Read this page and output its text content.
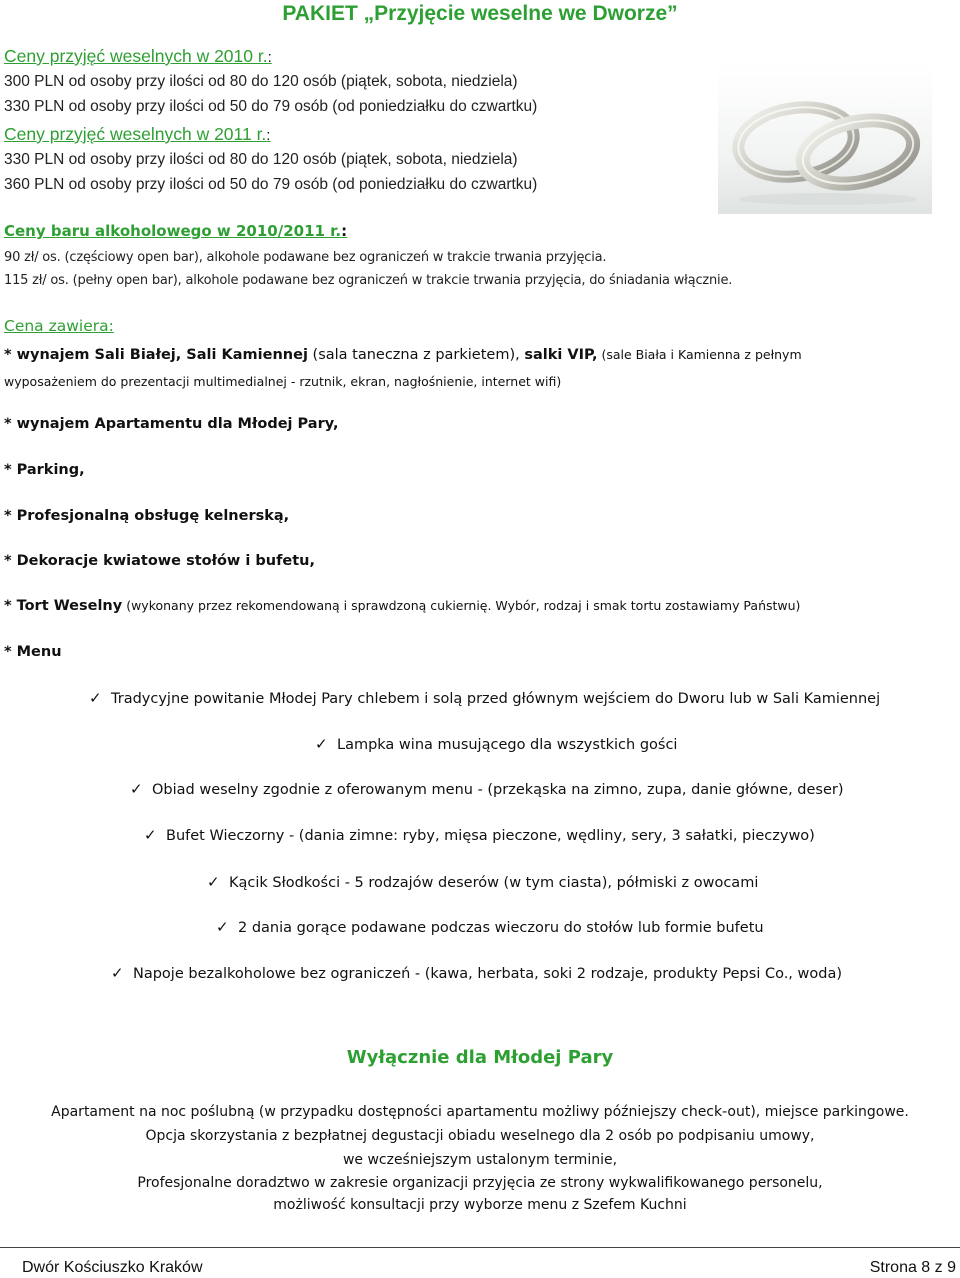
PAKIET „Przyjęcie weselne we Dworze”
Ceny przyjęć weselnych w 2010 r.:
300 PLN od osoby przy ilości od 80 do 120 osób (piątek, sobota, niedziela)
330 PLN od osoby przy ilości od 50 do 79 osób (od poniedziałku do czwartku)
Ceny przyjęć weselnych w 2011 r.:
330 PLN od osoby przy ilości od 80 do 120 osób (piątek, sobota, niedziela)
360 PLN od osoby przy ilości od 50 do 79 osób (od poniedziałku do czwartku)
Ceny baru alkoholowego w 2010/2011 r.:
90 zł/ os. (częściowy open bar), alkohole podawane bez ograniczeń w trakcie trwania przyjęcia.
115 zł/ os. (pełny open bar), alkohole podawane bez ograniczeń w trakcie trwania przyjęcia, do śniadania włącznie.
Cena zawiera:
* wynajem Sali Białej, Sali Kamiennej (sala taneczna z parkietem), salki VIP, (sale Biała i Kamienna z pełnym
wyposażeniem do prezentacji multimedialnej - rzutnik, ekran, nagłośnienie, internet wifi)
* wynajem Apartamentu dla Młodej Pary,
* Parking,
* Profesjonalną obsługę kelnerską,
* Dekoracje kwiatowe stołów i bufetu,
* Tort Weselny (wykonany przez rekomendowaną i sprawdzoną cukiernię. Wybór, rodzaj i smak tortu zostawiamy Państwu)
* Menu
✓ Tradycyjne powitanie Młodej Pary chlebem i solą przed głównym wejściem do Dworu lub w Sali Kamiennej
✓ Lampka wina musującego dla wszystkich gości
✓ Obiad weselny zgodnie z oferowanym menu - (przekąska na zimno, zupa, danie główne, deser)
✓ Bufet Wieczorny - (dania zimne: ryby, mięsa pieczone, wędliny, sery, 3 sałatki, pieczywo)
✓ Kącik Słodkości - 5 rodzajów deserów (w tym ciasta), półmiski z owocami
✓ 2 dania gorące podawane podczas wieczoru do stołów lub formie bufetu
✓ Napoje bezalkoholowe bez ograniczeń - (kawa, herbata, soki 2 rodzaje, produkty Pepsi Co., woda)
Wyłącznie dla Młodej Pary
Apartament na noc poślubną (w przypadku dostępności apartamentu możliwy późniejszy check-out), miejsce parkingowe.
Opcja skorzystania z bezpłatnej degustacji obiadu weselnego dla 2 osób po podpisaniu umowy,
we wcześniejszym ustalonym terminie,
Profesjonalne doradztwo w zakresie organizacji przyjęcia ze strony wykwalifikowanego personelu,
możliwość konsultacji przy wyborze menu z Szefem Kuchni
Dwór Kościuszko Kraków	Strona 8 z 9
